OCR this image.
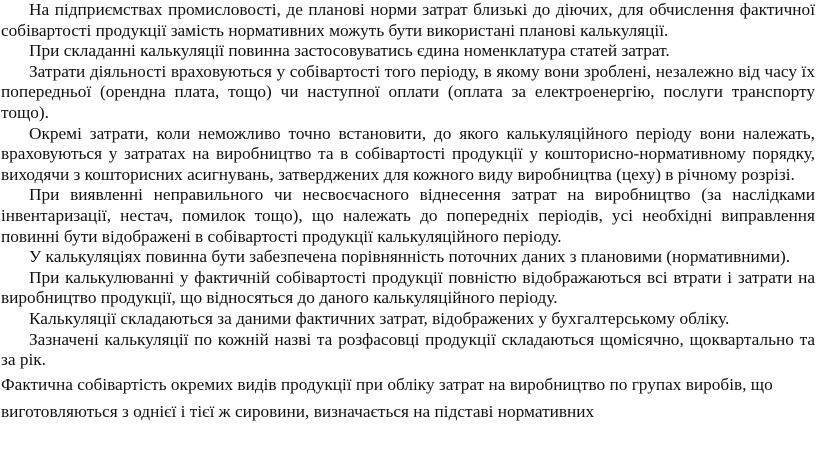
На підприємствах промисловості, де планові норми затрат близькі до діючих, для обчислення фактичної собівартості продукції замість нормативних можуть бути використані планові калькуляції.

При складанні калькуляції повинна застосовуватись єдина номенклатура статей затрат.

Затрати діяльності враховуються у собівартості того періоду, в якому вони зроблені, незалежно від часу їх попередньої (орендна плата, тощо) чи наступної оплати (оплата за електроенергію, послуги транспорту тощо).

Окремі затрати, коли неможливо точно встановити, до якого калькуляційного періоду вони належать, враховуються у затратах на виробництво та в собівартості продукції у кошторисно-нормативному порядку, виходячи з кошторисних асигнувань, затверджених для кожного виду виробництва (цеху) в річному розрізі.

При виявленні неправильного чи несвоєчасного віднесення затрат на виробництво (за наслідками інвентаризації, нестач, помилок тощо), що належать до попередніх періодів, усі необхідні виправлення повинні бути відображені в собівартості продукції калькуляційного періоду.

У калькуляціях повинна бути забезпечена порівнянність поточних даних з плановими (нормативними).

При калькулюванні у фактичній собівартості продукції повністю відображаються всі втрати і затрати на виробництво продукції, що відносяться до даного калькуляційного періоду.

Калькуляції складаються за даними фактичних затрат, відображених у бухгалтерському обліку.

Зазначені калькуляції по кожній назві та розфасовці продукції складаються щомісячно, щоквартально та за рік.

Фактична собівартість окремих видів продукції при обліку затрат на виробництво по групах виробів, що виготовляються з однієї і тієї ж сировини, визначається на підставі нормативних
